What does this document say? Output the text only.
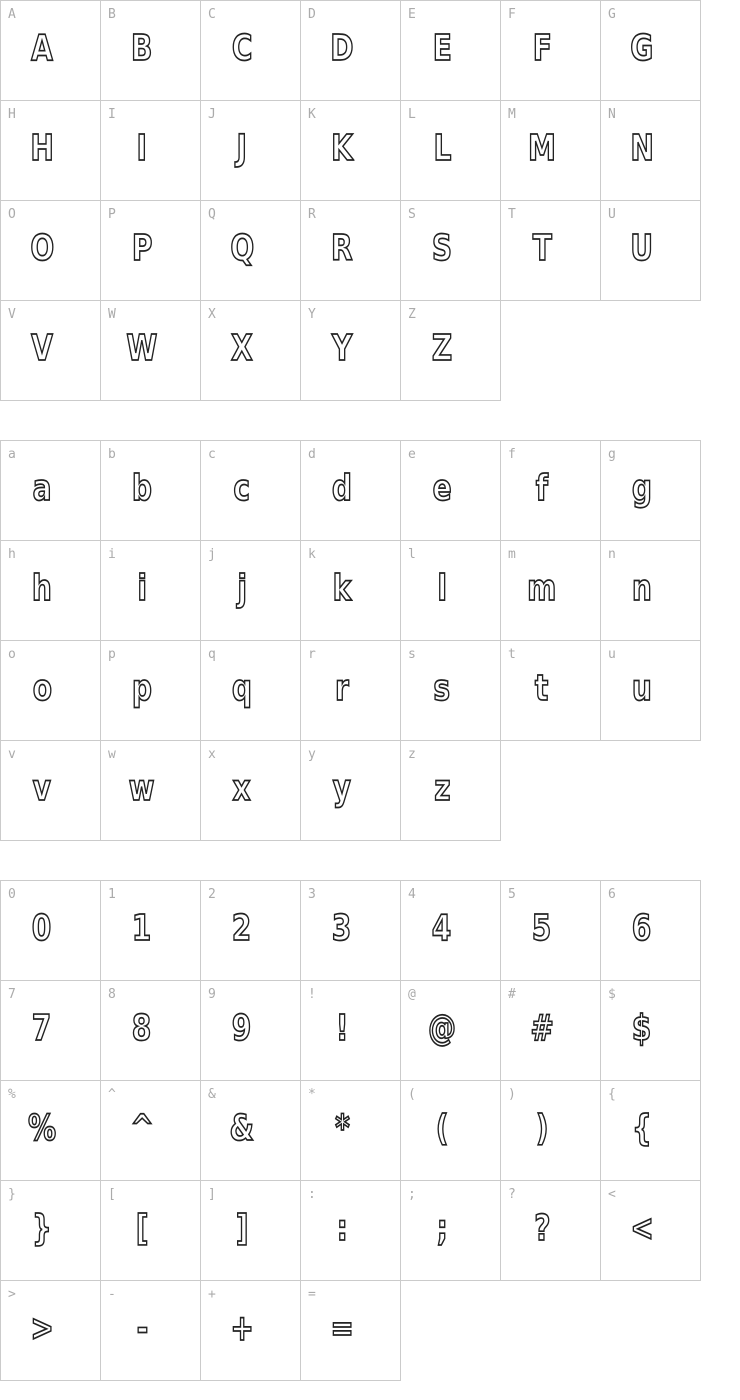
A
A
B
B
C
C
D
D
E
E
F
F
G
G
H
H
I
I
J
J
K
K
L
L
M
M
N
N
O
O
P
P
Q
Q
R
R
S
S
T
T
U
U
V
V
W
W
X
X
Y
Y
Z
Z
a
a
b
b
c
c
d
d
e
e
f
f
g
g
h
h
i
i
j
j
k
k
l
l
m
m
n
n
o
o
p
p
q
q
r
r
s
s
t
t
u
u
v
v
w
w
x
x
y
y
z
z
0
0
1
1
2
2
3
3
4
4
5
5
6
6
7
7
8
8
9
9
!
!
@
@
#
#
$
$
%
%
^
^
&
&
*
*
(
(
)
)
{
{
}
}
[
[
]
]
:
:
;
;
?
?
<
<
>
>
-
-
+
+
=
=
